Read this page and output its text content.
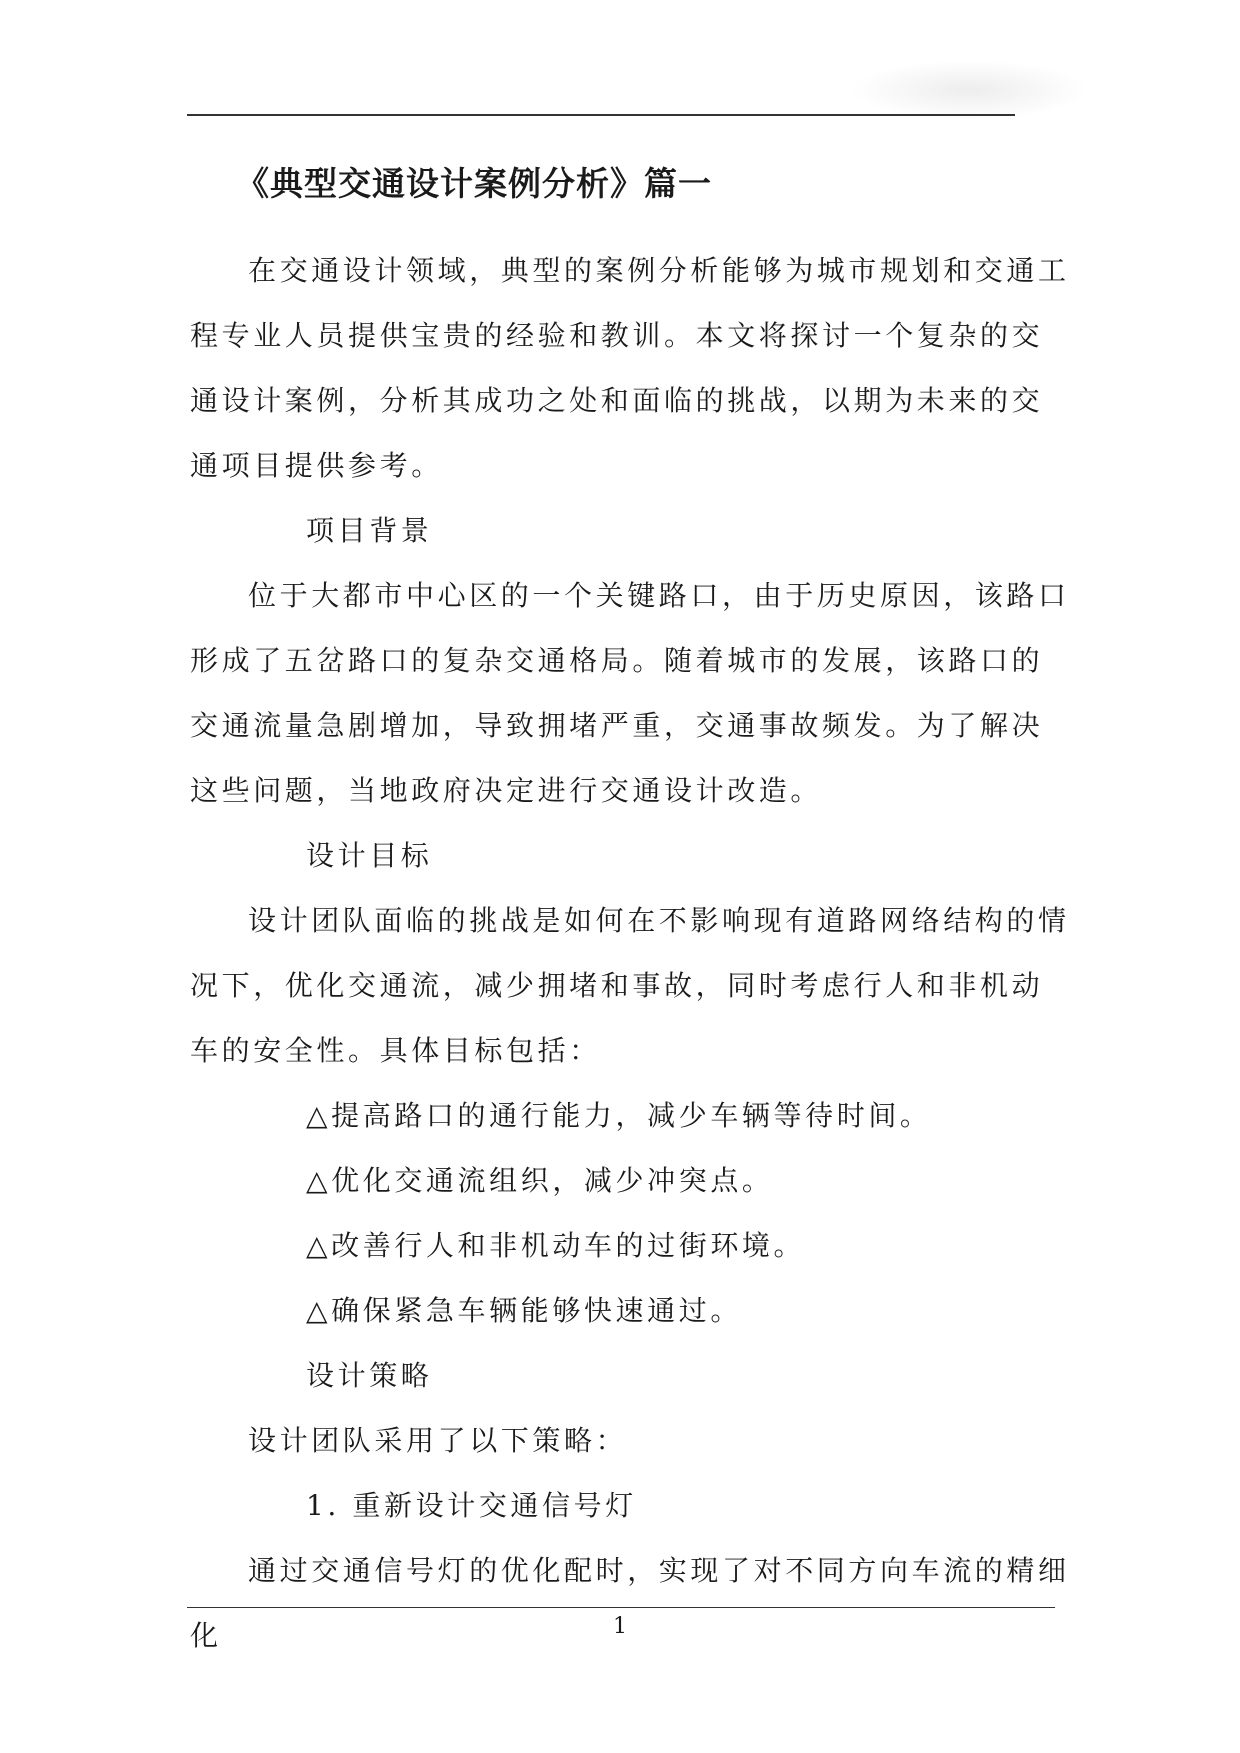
《典型交通设计案例分析》篇一

在交通设计领域，典型的案例分析能够为城市规划和交通工程专业人员提供宝贵的经验和教训。本文将探讨一个复杂的交通设计案例，分析其成功之处和面临的挑战，以期为未来的交通项目提供参考。

项目背景

位于大都市中心区的一个关键路口，由于历史原因，该路口形成了五岔路口的复杂交通格局。随着城市的发展，该路口的交通流量急剧增加，导致拥堵严重，交通事故频发。为了解决这些问题，当地政府决定进行交通设计改造。

设计目标

设计团队面临的挑战是如何在不影响现有道路网络结构的情况下，优化交通流，减少拥堵和事故，同时考虑行人和非机动车的安全性。具体目标包括：

△提高路口的通行能力，减少车辆等待时间。

△优化交通流组织，减少冲突点。

△改善行人和非机动车的过街环境。

△确保紧急车辆能够快速通过。

设计策略

设计团队采用了以下策略：

1. 重新设计交通信号灯

通过交通信号灯的优化配时，实现了对不同方向车流的精细化	1
